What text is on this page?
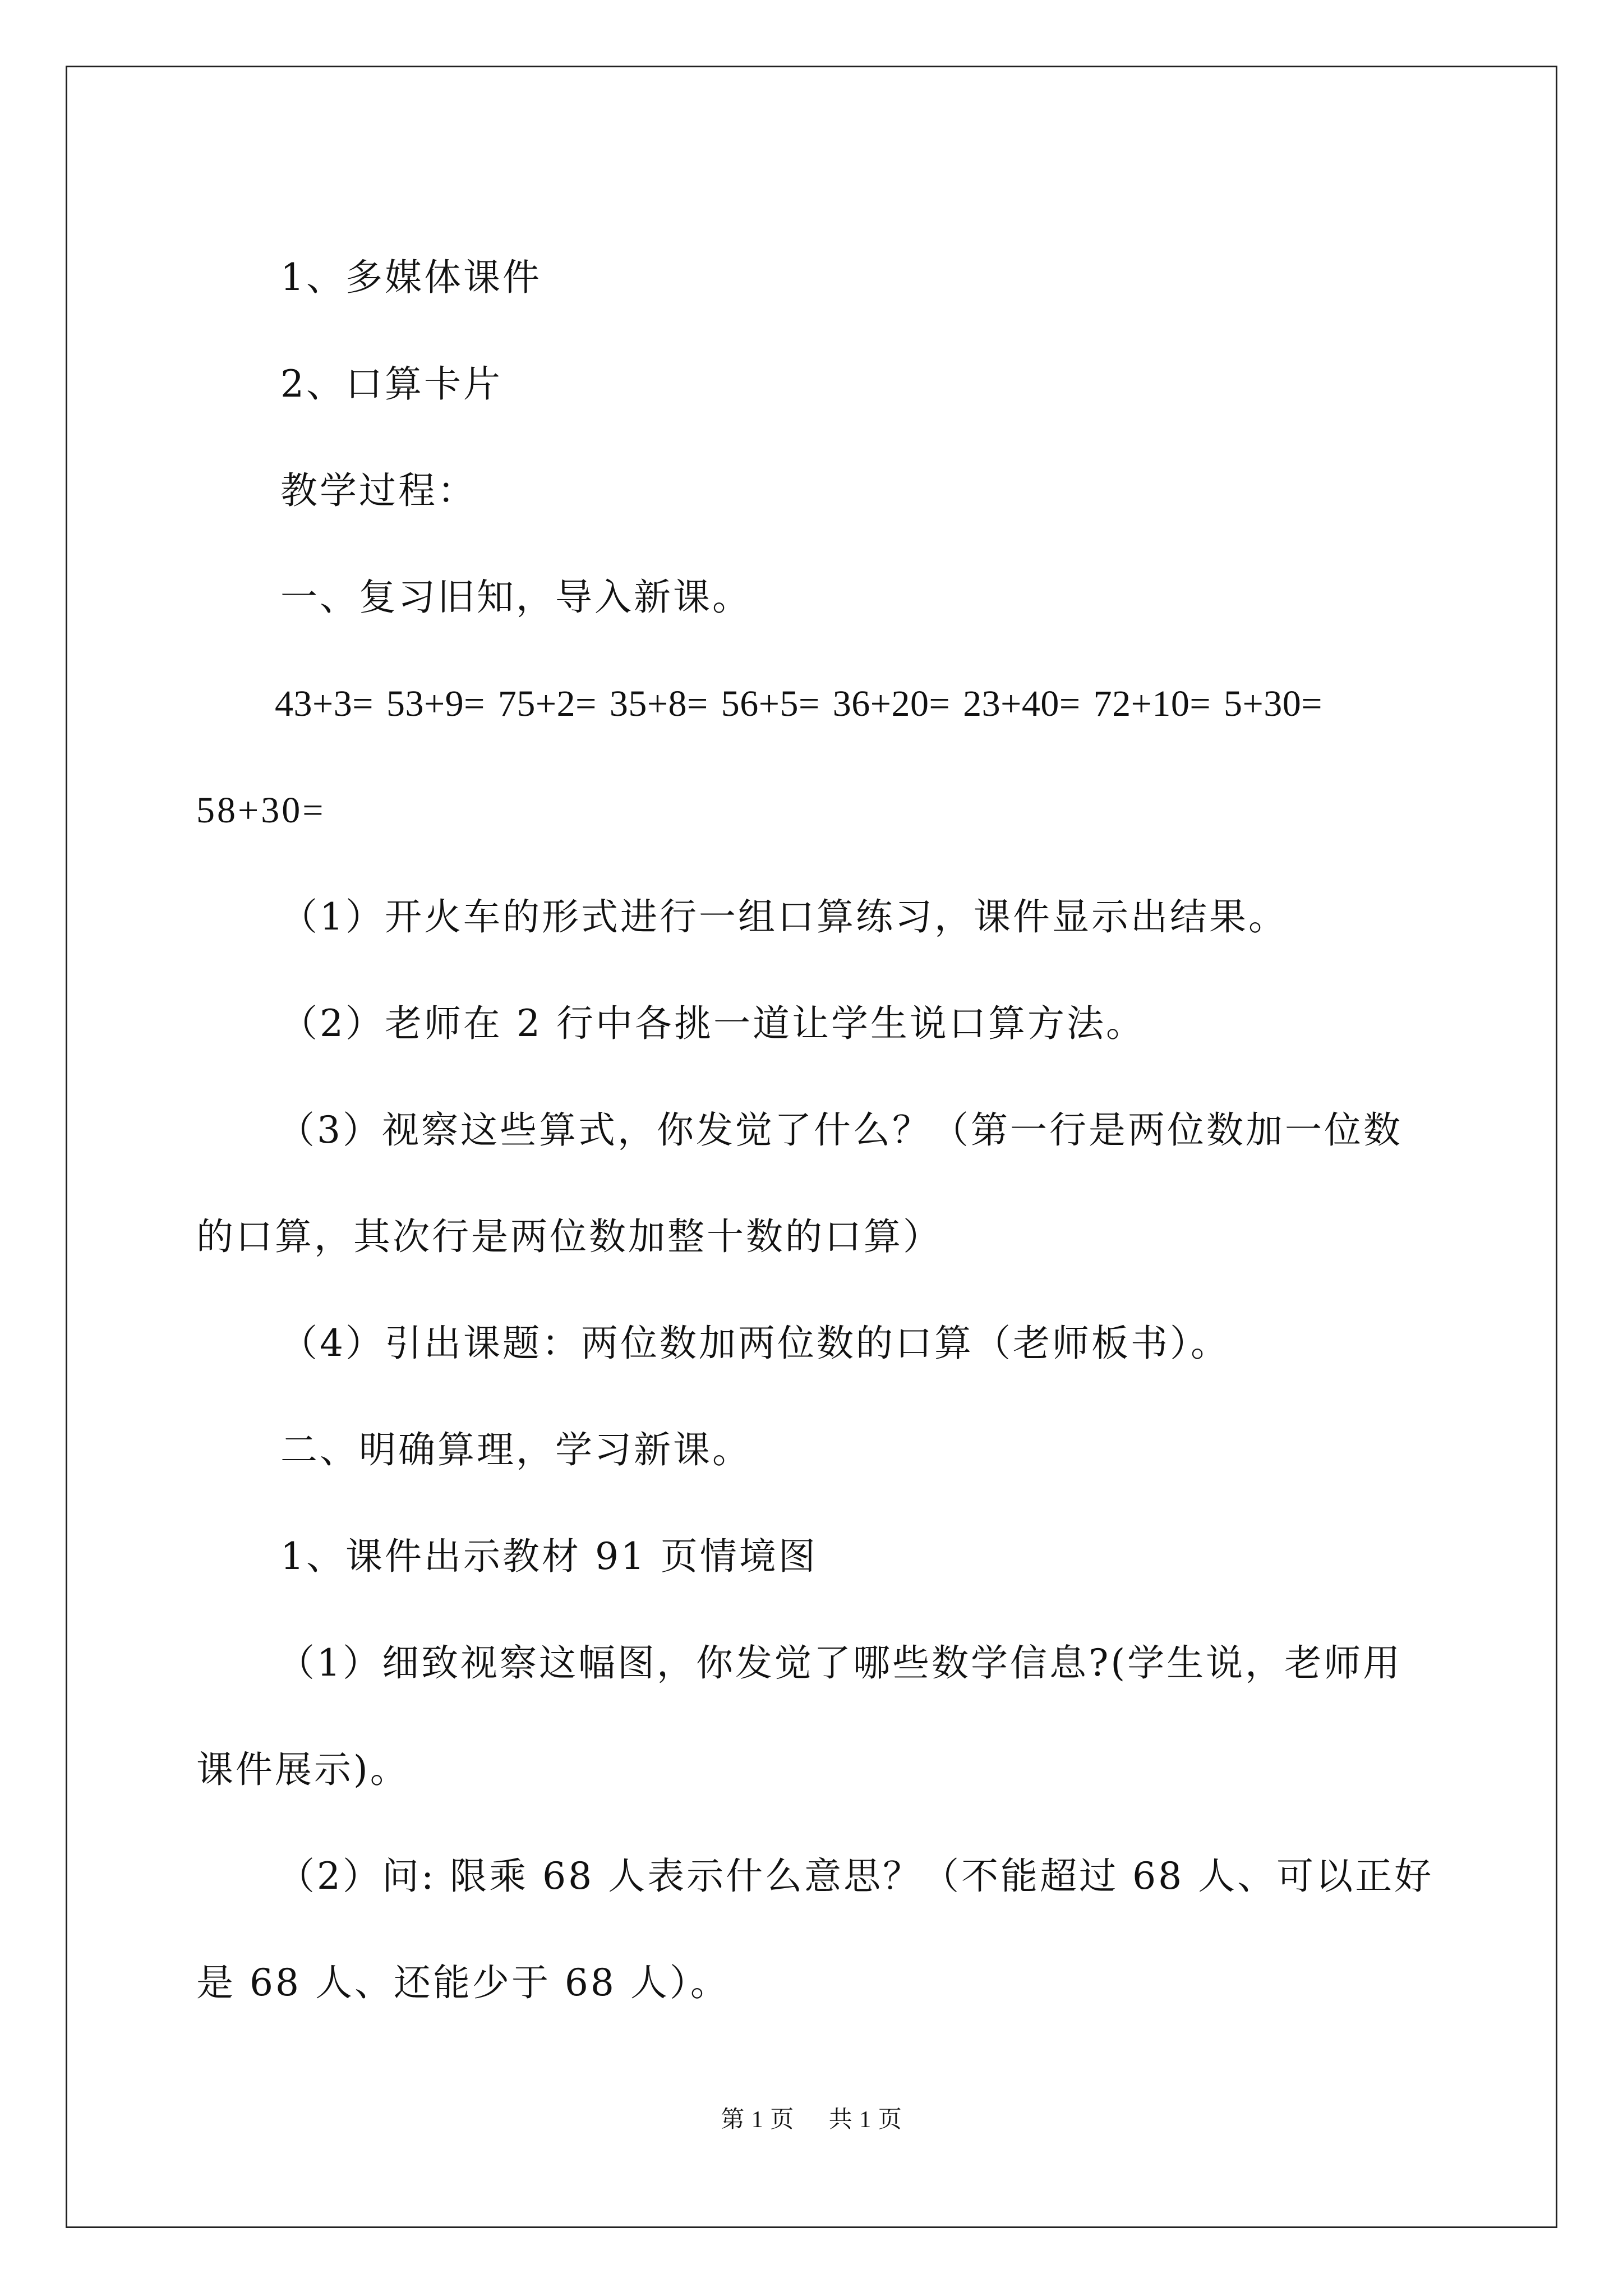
1、多媒体课件

2、口算卡片

教学过程：

一、复习旧知，导入新课。

43+3= 53+9= 75+2= 35+8= 56+5= 36+20= 23+40= 72+10= 5+30=

58+30=

（1）开火车的形式进行一组口算练习，课件显示出结果。

（2）老师在 2 行中各挑一道让学生说口算方法。

（3）视察这些算式，你发觉了什么？（第一行是两位数加一位数的口算，其次行是两位数加整十数的口算）

（4）引出课题：两位数加两位数的口算（老师板书）。

二、明确算理，学习新课。

1、课件出示教材 91 页情境图

（1）细致视察这幅图，你发觉了哪些数学信息?(学生说，老师用课件展示)。

（2）问: 限乘 68 人表示什么意思？（不能超过 68 人、可以正好是 68 人、还能少于 68 人）。

第 1 页 共 1 页
